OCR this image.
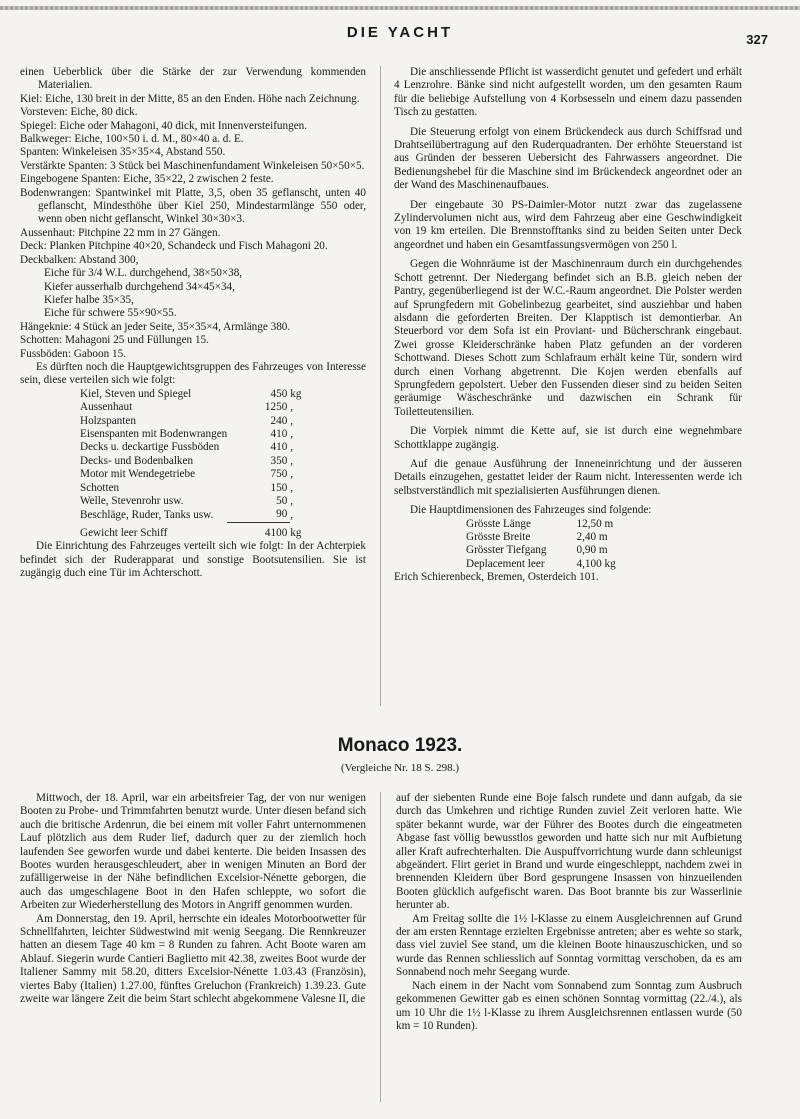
DIE YACHT	327

einen Ueberblick über die Stärke der zur Verwendung kommenden Materialien.

Kiel: Eiche, 130 breit in der Mitte, 85 an den Enden. Höhe nach Zeichnung.

Vorsteven: Eiche, 80 dick.

Spiegel: Eiche oder Mahagoni, 40 dick, mit Innenversteifungen.

Balkweger: Eiche, 100×50 i. d. M., 80×40 a. d. E.

Spanten: Winkeleisen 35×35×4, Abstand 550.

Verstärkte Spanten: 3 Stück bei Maschinenfundament Winkeleisen 50×50×5.

Eingebogene Spanten: Eiche, 35×22, 2 zwischen 2 feste.

Bodenwrangen: Spantwinkel mit Platte, 3,5, oben 35 geflanscht, unten 40 geflanscht, Mindesthöhe über Kiel 250, Mindestarmlänge 550 oder, wenn oben nicht geflanscht, Winkel 30×30×3.

Aussenhaut: Pitchpine 22 mm in 27 Gängen.

Deck: Planken Pitchpine 40×20, Schandeck und Fisch Mahagoni 20.

Deckbalken: Abstand 300,

Eiche für 3/4 W.L. durchgehend, 38×50×38,

Kiefer ausserhalb durchgehend 34×45×34,

Kiefer halbe 35×35,

Eiche für schwere 55×90×55.

Hängeknie: 4 Stück an jeder Seite, 35×35×4, Armlänge 380.

Schotten: Mahagoni 25 und Füllungen 15.

Fussböden: Gaboon 15.

Es dürften noch die Hauptgewichtsgruppen des Fahrzeuges von Interesse sein, diese verteilen sich wie folgt:

Kiel, Steven und Spiegel	450	kg
Aussenhaut	1250	,
Holzspanten	240	,
Eisenspanten mit Bodenwrangen	410	,
Decks u. deckartige Fussböden	410	,
Decks- und Bodenbalken	350	,
Motor mit Wendegetriebe	750	,
Schotten	150	,
Welle, Stevenrohr usw.	50	,
Beschläge, Ruder, Tanks usw.	90	,
Gewicht leer Schiff	4100	kg

Die Einrichtung des Fahrzeuges verteilt sich wie folgt: In der Achterpiek befindet sich der Ruderapparat und sonstige Bootsutensilien. Sie ist zugängig duch eine Tür im Achterschott.

Die anschliessende Pflicht ist wasserdicht genutet und gefedert und erhält 4 Lenzrohre. Bänke sind nicht aufgestellt worden, um den gesamten Raum für die beliebige Aufstellung von 4 Korbsesseln und einem dazu passenden Tisch zu gestatten.

Die Steuerung erfolgt von einem Brückendeck aus durch Schiffsrad und Drahtseilübertragung auf den Ruderquadranten. Der erhöhte Steuerstand ist aus Gründen der besseren Uebersicht des Fahrwassers angeordnet. Die Bedienungshebel für die Maschine sind im Brückendeck angeordnet oder an der Wand des Maschinenaufbaues.

Der eingebaute 30 PS-Daimler-Motor nutzt zwar das zugelassene Zylindervolumen nicht aus, wird dem Fahrzeug aber eine Geschwindigkeit von 19 km erteilen. Die Brennstofftanks sind zu beiden Seiten unter Deck angeordnet und haben ein Gesamtfassungsvermögen von 250 l.

Gegen die Wohnräume ist der Maschinenraum durch ein durchgehendes Schott getrennt. Der Niedergang befindet sich an B.B. gleich neben der Pantry, gegenüberliegend ist der W.C.-Raum angeordnet. Die Polster werden auf Sprungfedern mit Gobelinbezug gearbeitet, sind ausziehbar und haben alsdann die geforderten Breiten. Der Klapptisch ist demontierbar. An Steuerbord vor dem Sofa ist ein Proviant- und Bücherschrank eingebaut. Zwei grosse Kleiderschränke haben Platz gefunden an der vorderen Schottwand. Dieses Schott zum Schlafraum erhält keine Tür, sondern wird durch einen Vorhang abgetrennt. Die Kojen werden ebenfalls auf Sprungfedern gepolstert. Ueber den Fussenden dieser sind zu beiden Seiten geräumige Wäscheschränke und dazwischen ein Schrank für Toiletteutensilien.

Die Vorpiek nimmt die Kette auf, sie ist durch eine wegnehmbare Schottklappe zugängig.

Auf die genaue Ausführung der Inneneinrichtung und der äusseren Details einzugehen, gestattet leider der Raum nicht. Interessenten werde ich selbstverständlich mit spezialisierten Ausführungen dienen.

Die Hauptdimensionen des Fahrzeuges sind folgende:

Grösste Länge	12,50 m
Grösste Breite	2,40 m
Grösster Tiefgang	0,90 m
Deplacement leer	4,100 kg

Erich Schierenbeck, Bremen, Osterdeich 101.

Monaco 1923.
(Vergleiche Nr. 18 S. 298.)

Mittwoch, der 18. April, war ein arbeitsfreier Tag, der von nur wenigen Booten zu Probe- und Trimmfahrten benutzt wurde. Unter diesen befand sich auch die britische Ardenrun, die bei einem mit voller Fahrt unternommenen Lauf plötzlich aus dem Ruder lief, dadurch quer zu der ziemlich hoch laufenden See geworfen wurde und dabei kenterte. Die beiden Insassen des Bootes wurden herausgeschleudert, aber in wenigen Minuten an Bord der zufälligerweise in der Nähe befindlichen Excelsior-Nénette geborgen, die auch das umgeschlagene Boot in den Hafen schleppte, wo sofort die Arbeiten zur Wiederherstellung des Motors in Angriff genommen wurden.

Am Donnerstag, den 19. April, herrschte ein ideales Motorbootwetter für Schnellfahrten, leichter Südwestwind mit wenig Seegang. Die Rennkreuzer hatten an diesem Tage 40 km = 8 Runden zu fahren. Acht Boote waren am Ablauf. Siegerin wurde Cantieri Baglietto mit 42.38, zweites Boot wurde der Italiener Sammy mit 58.20, ditters Excelsior-Nénette 1.03.43 (Französin), viertes Baby (Italien) 1.27.00, fünftes Greluchon (Frankreich) 1.39.23. Gute zweite war längere Zeit die beim Start schlecht abgekommene Valesne II, die

auf der siebenten Runde eine Boje falsch rundete und dann aufgab, da sie durch das Umkehren und richtige Runden zuviel Zeit verloren hatte. Wie später bekannt wurde, war der Führer des Bootes durch die eingeatmeten Abgase fast völlig bewusstlos geworden und hatte sich nur mit Aufbietung aller Kraft aufrechterhalten. Die Auspuffvorrichtung wurde dann schleunigst abgeändert. Flirt geriet in Brand und wurde eingeschleppt, nachdem zwei in brennenden Kleidern über Bord gesprungene Insassen von hinzueilenden Booten glücklich aufgefischt waren. Das Boot brannte bis zur Wasserlinie herunter ab.

Am Freitag sollte die 1½ l-Klasse zu einem Ausgleichrennen auf Grund der am ersten Renntage erzielten Ergebnisse antreten; aber es wehte so stark, dass viel zuviel See stand, um die kleinen Boote hinauszuschicken, und so wurde das Rennen schliesslich auf Sonntag vormittag verschoben, da es am Sonnabend noch mehr Seegang wurde.

Nach einem in der Nacht vom Sonnabend zum Sonntag zum Ausbruch gekommenen Gewitter gab es einen schönen Sonntag vormittag (22./4.), als um 10 Uhr die 1½ l-Klasse zu ihrem Ausgleichsrennen entlassen wurde (50 km = 10 Runden).
